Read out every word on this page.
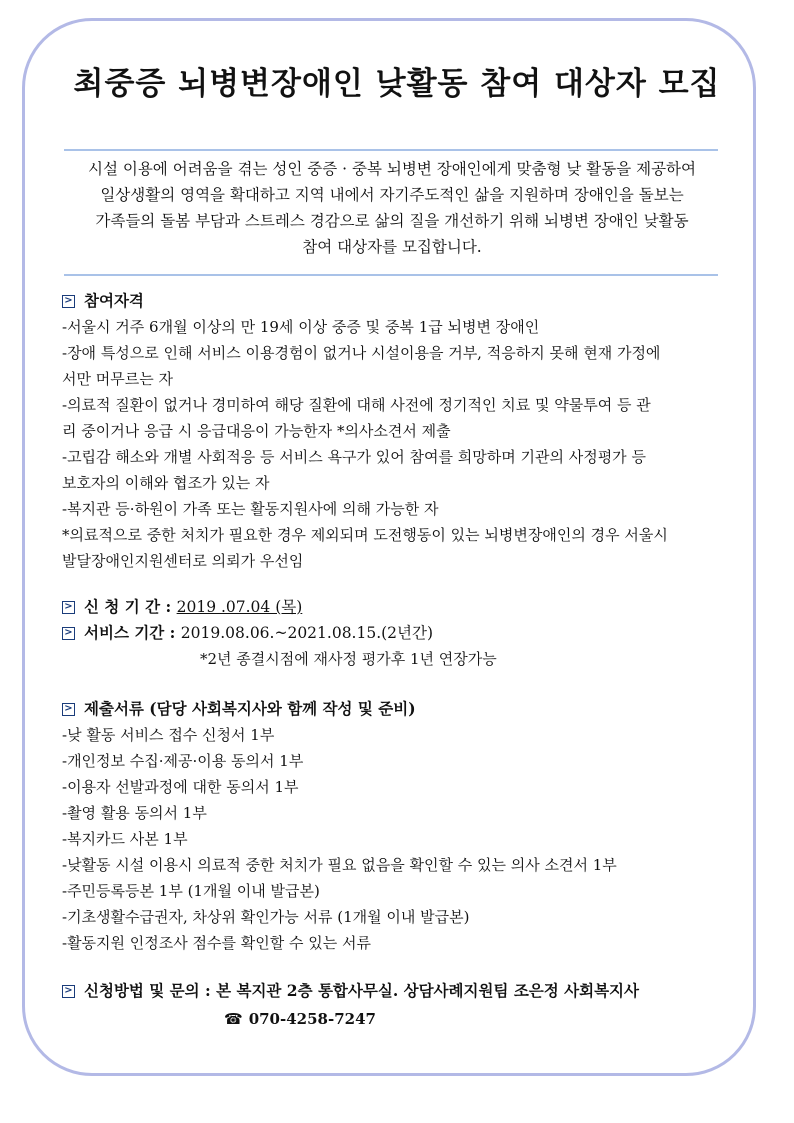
최중증 뇌병변장애인 낮활동 참여 대상자 모집
시설 이용에 어려움을 겪는 성인 중증 · 중복 뇌병변 장애인에게 맞춤형 낮 활동을 제공하여
일상생활의 영역을 확대하고 지역 내에서 자기주도적인 삶을 지원하며 장애인을 돌보는
가족들의 돌봄 부담과 스트레스 경감으로 삶의 질을 개선하기 위해 뇌병변 장애인 낮활동
참여 대상자를 모집합니다.
> 참여자격
-서울시 거주 6개월 이상의 만 19세 이상 중증 및 중복 1급 뇌병변 장애인
-장애 특성으로 인해 서비스 이용경험이 없거나 시설이용을 거부, 적응하지 못해 현재 가정에
서만 머무르는 자
-의료적 질환이 없거나 경미하여 해당 질환에 대해 사전에 정기적인 치료 및 약물투여 등 관
리 중이거나 응급 시 응급대응이 가능한자 *의사소견서 제출
-고립감 해소와 개별 사회적응 등 서비스 욕구가 있어 참여를 희망하며 기관의 사정평가 등
보호자의 이해와 협조가 있는 자
-복지관 등·하원이 가족 또는 활동지원사에 의해 가능한 자
*의료적으로 중한 처치가 필요한 경우 제외되며 도전행동이 있는 뇌병변장애인의 경우 서울시
발달장애인지원센터로 의뢰가 우선임
> 신 청 기 간 :
2019 .07.04 (목)
> 서비스 기간 :
2019.08.06.~2021.08.15.(2년간)
*2년 종결시점에 재사정 평가후 1년 연장가능
> 제출서류 (담당 사회복지사와 함께 작성 및 준비)
-낮 활동 서비스 접수 신청서 1부
-개인정보 수집·제공·이용 동의서 1부
-이용자 선발과정에 대한 동의서 1부
-촬영 활용 동의서 1부
-복지카드 사본 1부
-낮활동 시설 이용시 의료적 중한 처치가 필요 없음을 확인할 수 있는 의사 소견서 1부
-주민등록등본 1부 (1개월 이내 발급본)
-기초생활수급권자, 차상위 확인가능 서류 (1개월 이내 발급본)
-활동지원 인정조사 점수를 확인할 수 있는 서류
> 신청방법 및 문의 : 본 복지관 2층 통합사무실. 상담사례지원팀 조은정 사회복지사
☎ 070-4258-7247
